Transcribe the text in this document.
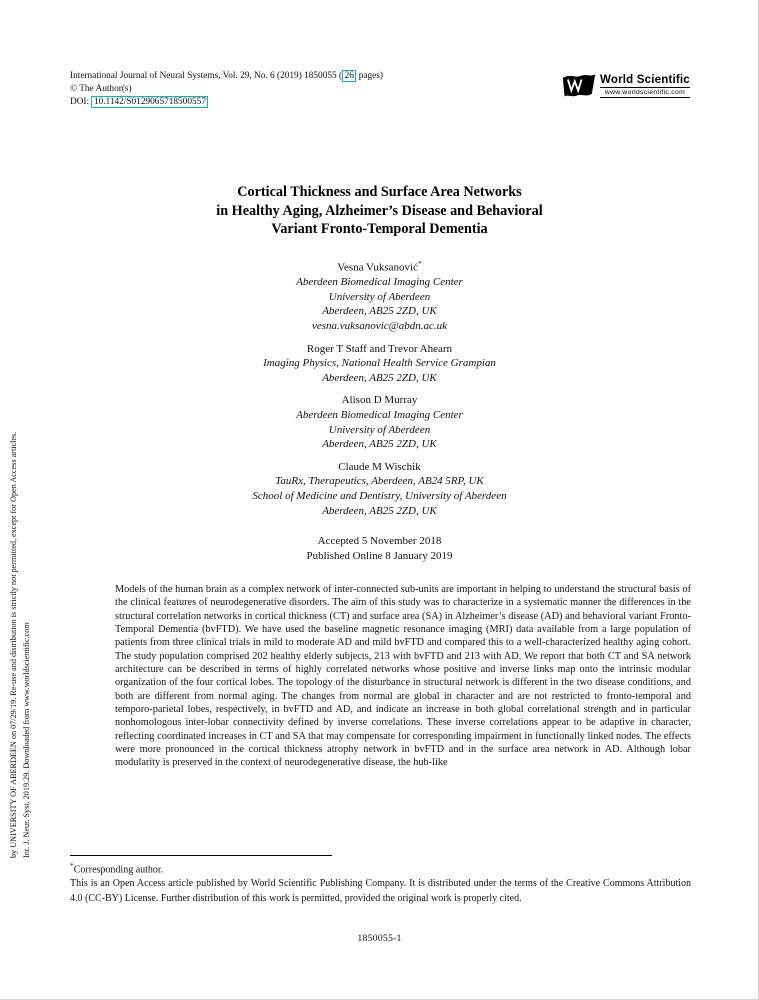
by UNIVERSITY OF ABERDEEN on 07/29/19. Re-use and distribution is strictly not permitted, except for Open Access articles. Int. J. Neur. Syst. 2019.29. Downloaded from www.worldscientific.com
International Journal of Neural Systems, Vol. 29, No. 6 (2019) 1850055 ( 26 pages)
© The Author(s)
DOI: 10.1142/S0129065718500557
World Scientific
www.worldscientific.com
Cortical Thickness and Surface Area Networks
in Healthy Aging, Alzheimer’s Disease and Behavioral
Variant Fronto-Temporal Dementia
Vesna Vuksanović*
Aberdeen Biomedical Imaging Center
University of Aberdeen
Aberdeen, AB25 2ZD, UK
vesna.vuksanovic@abdn.ac.uk
Roger T Staff and Trevor Ahearn
Imaging Physics, National Health Service Grampian
Aberdeen, AB25 2ZD, UK
Alison D Murray
Aberdeen Biomedical Imaging Center
University of Aberdeen
Aberdeen, AB25 2ZD, UK
Claude M Wischik
TauRx, Therapeutics, Aberdeen, AB24 5RP, UK
School of Medicine and Dentistry, University of Aberdeen
Aberdeen, AB25 2ZD, UK
Accepted 5 November 2018
Published Online 8 January 2019
Models of the human brain as a complex network of inter-connected sub-units are important in helping to understand the structural basis of the clinical features of neurodegenerative disorders. The aim of this study was to characterize in a systematic manner the differences in the structural correlation networks in cortical thickness (CT) and surface area (SA) in Alzheimer’s disease (AD) and behavioral variant Fronto-Temporal Dementia (bvFTD). We have used the baseline magnetic resonance imaging (MRI) data available from a large population of patients from three clinical trials in mild to moderate AD and mild bvFTD and compared this to a well-characterized healthy aging cohort. The study population comprised 202 healthy elderly subjects, 213 with bvFTD and 213 with AD. We report that both CT and SA network architecture can be described in terms of highly correlated networks whose positive and inverse links map onto the intrinsic modular organization of the four cortical lobes. The topology of the disturbance in structural network is different in the two disease conditions, and both are different from normal aging. The changes from normal are global in character and are not restricted to fronto-temporal and temporo-parietal lobes, respectively, in bvFTD and AD, and indicate an increase in both global correlational strength and in particular nonhomologous inter-lobar connectivity defined by inverse correlations. These inverse correlations appear to be adaptive in character, reflecting coordinated increases in CT and SA that may compensate for corresponding impairment in functionally linked nodes. The effects were more pronounced in the cortical thickness atrophy network in bvFTD and in the surface area network in AD. Although lobar modularity is preserved in the context of neurodegenerative disease, the hub-like
*Corresponding author.
This is an Open Access article published by World Scientific Publishing Company. It is distributed under the terms of the Creative Commons Attribution 4.0 (CC-BY) License. Further distribution of this work is permitted, provided the original work is properly cited.
1850055-1
